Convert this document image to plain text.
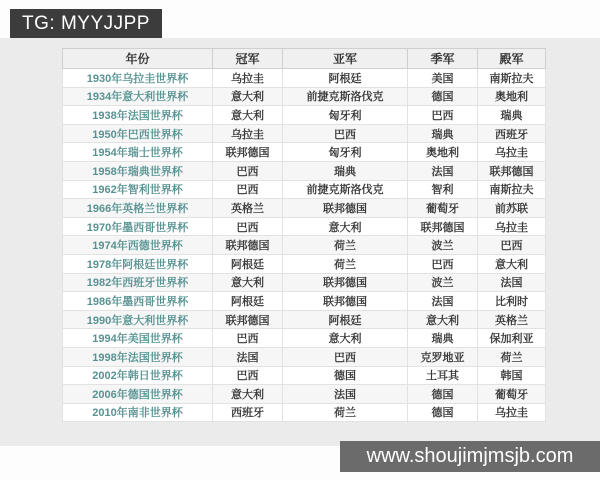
TG: MYYJJPP
年份	冠军	亚军	季军	殿军
1930年乌拉圭世界杯	乌拉圭	阿根廷	美国	南斯拉夫
1934年意大利世界杯	意大利	前捷克斯洛伐克	德国	奥地利
1938年法国世界杯	意大利	匈牙利	巴西	瑞典
1950年巴西世界杯	乌拉圭	巴西	瑞典	西班牙
1954年瑞士世界杯	联邦德国	匈牙利	奥地利	乌拉圭
1958年瑞典世界杯	巴西	瑞典	法国	联邦德国
1962年智利世界杯	巴西	前捷克斯洛伐克	智利	南斯拉夫
1966年英格兰世界杯	英格兰	联邦德国	葡萄牙	前苏联
1970年墨西哥世界杯	巴西	意大利	联邦德国	乌拉圭
1974年西德世界杯	联邦德国	荷兰	波兰	巴西
1978年阿根廷世界杯	阿根廷	荷兰	巴西	意大利
1982年西班牙世界杯	意大利	联邦德国	波兰	法国
1986年墨西哥世界杯	阿根廷	联邦德国	法国	比利时
1990年意大利世界杯	联邦德国	阿根廷	意大利	英格兰
1994年美国世界杯	巴西	意大利	瑞典	保加利亚
1998年法国世界杯	法国	巴西	克罗地亚	荷兰
2002年韩日世界杯	巴西	德国	土耳其	韩国
2006年德国世界杯	意大利	法国	德国	葡萄牙
2010年南非世界杯	西班牙	荷兰	德国	乌拉圭
www.shoujimjmsjb.com
